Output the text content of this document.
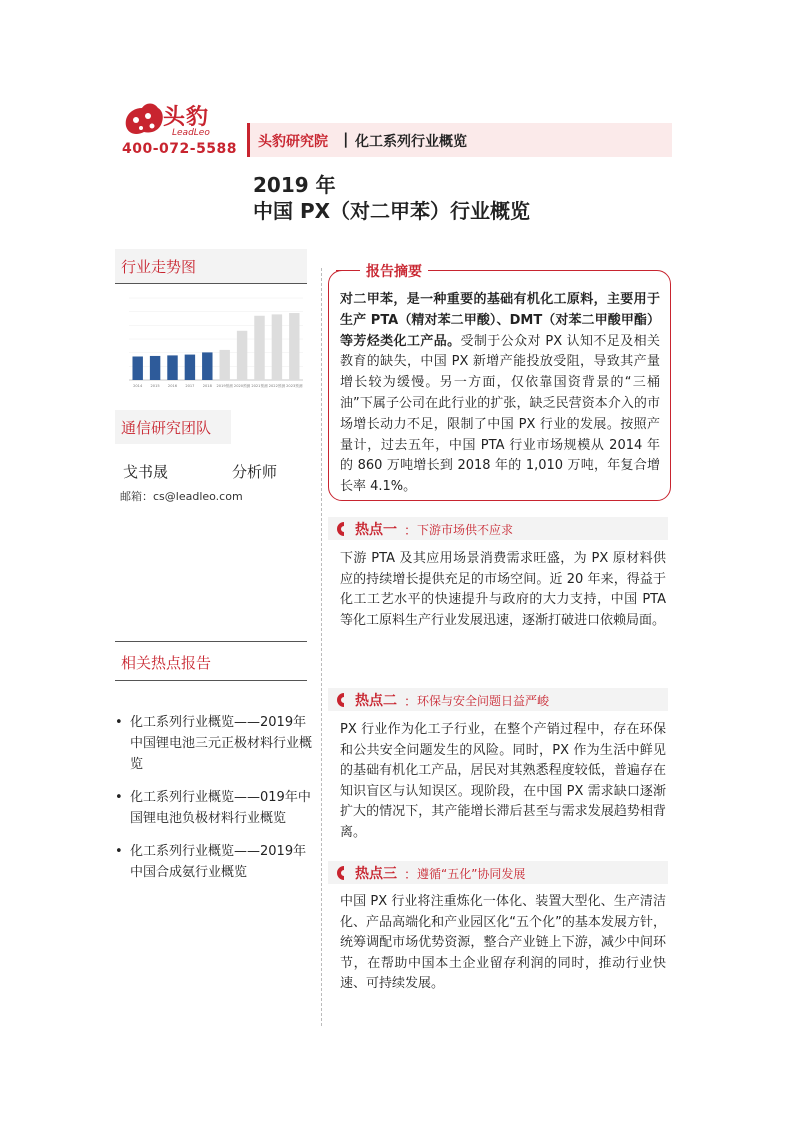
头豹
LeadLeo
400-072-5588 头豹研究院 | 化工系列行业概览
2019 年
中国 PX（对二甲苯）行业概览
行业走势图
2014 2015 2016 2017 2018 2019预测 2020预测 2021预测 2022预测 2023预测
通信研究团队
戈书晟	分析师
邮箱：cs@leadleo.com
相关热点报告
• 化工系列行业概览——2019年中国锂电池三元正极材料行业概览
• 化工系列行业概览——019年中国锂电池负极材料行业概览
• 化工系列行业概览——2019年中国合成氨行业概览
报告摘要
对二甲苯，是一种重要的基础有机化工原料，主要用于生产 PTA（精对苯二甲酸）、DMT（对苯二甲酸甲酯）等芳烃类化工产品。受制于公众对 PX 认知不足及相关教育的缺失，中国 PX 新增产能投放受阻，导致其产量增长较为缓慢。另一方面，仅依靠国资背景的“三桶油”下属子公司在此行业的扩张，缺乏民营资本介入的市场增长动力不足，限制了中国 PX 行业的发展。按照产量计，过去五年，中国 PTA 行业市场规模从 2014 年的 860 万吨增长到 2018 年的 1,010 万吨，年复合增长率 4.1%。
热点一 ： 下游市场供不应求
下游 PTA 及其应用场景消费需求旺盛，为 PX 原材料供应的持续增长提供充足的市场空间。近 20 年来，得益于化工工艺水平的快速提升与政府的大力支持，中国 PTA 等化工原料生产行业发展迅速，逐渐打破进口依赖局面。
热点二 ： 环保与安全问题日益严峻
PX 行业作为化工子行业，在整个产销过程中，存在环保和公共安全问题发生的风险。同时，PX 作为生活中鲜见的基础有机化工产品，居民对其熟悉程度较低，普遍存在知识盲区与认知误区。现阶段，在中国 PX 需求缺口逐渐扩大的情况下，其产能增长滞后甚至与需求发展趋势相背离。
热点三 ： 遵循“五化”协同发展
中国 PX 行业将注重炼化一体化、装置大型化、生产清洁化、产品高端化和产业园区化“五个化”的基本发展方针，统筹调配市场优势资源，整合产业链上下游，减少中间环节，在帮助中国本土企业留存利润的同时，推动行业快速、可持续发展。
